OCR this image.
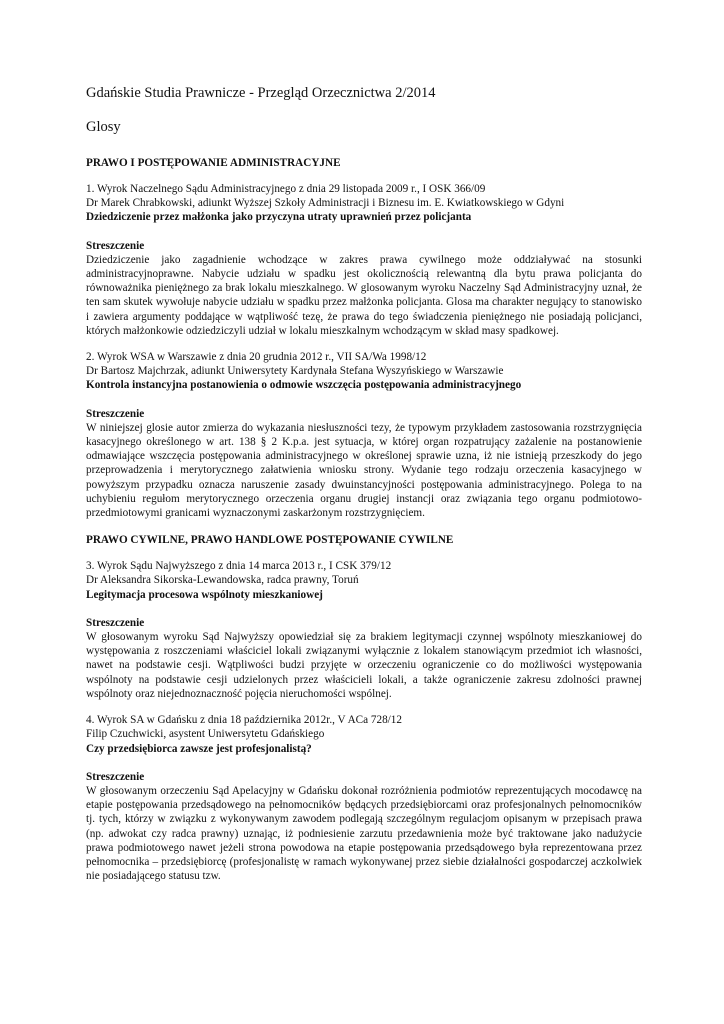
Gdańskie Studia Prawnicze - Przegląd Orzecznictwa 2/2014

Glosy

PRAWO I POSTĘPOWANIE ADMINISTRACYJNE

1. Wyrok Naczelnego Sądu Administracyjnego z dnia 29 listopada 2009 r., I OSK 366/09

Dr Marek Chrabkowski, adiunkt Wyższej Szkoły Administracji i Biznesu im. E. Kwiatkowskiego w Gdyni

Dziedziczenie przez małżonka jako przyczyna utraty uprawnień przez policjanta

Streszczenie

Dziedziczenie jako zagadnienie wchodzące w zakres prawa cywilnego może oddziaływać na stosunki administracyjnoprawne. Nabycie udziału w spadku jest okolicznością relewantną dla bytu prawa policjanta do równoważnika pieniężnego za brak lokalu mieszkalnego. W glosowanym wyroku Naczelny Sąd Administracyjny uznał, że ten sam skutek wywołuje nabycie udziału w spadku przez małżonka policjanta. Glosa ma charakter negujący to stanowisko i zawiera argumenty poddające w wątpliwość tezę, że prawa do tego świadczenia pieniężnego nie posiadają policjanci, których małżonkowie odziedziczyli udział w lokalu mieszkalnym wchodzącym w skład masy spadkowej.

2. Wyrok WSA w Warszawie z dnia 20 grudnia 2012 r., VII SA/Wa 1998/12

Dr Bartosz Majchrzak, adiunkt Uniwersytety Kardynała Stefana Wyszyńskiego w Warszawie

Kontrola instancyjna postanowienia o odmowie wszczęcia postępowania administracyjnego

Streszczenie

W niniejszej glosie autor zmierza do wykazania niesłuszności tezy, że typowym przykładem zastosowania rozstrzygnięcia kasacyjnego określonego w art. 138 § 2 K.p.a. jest sytuacja, w której organ rozpatrujący zażalenie na postanowienie odmawiające wszczęcia postępowania administracyjnego w określonej sprawie uzna, iż nie istnieją przeszkody do jego przeprowadzenia i merytorycznego załatwienia wniosku strony. Wydanie tego rodzaju orzeczenia kasacyjnego w powyższym przypadku oznacza naruszenie zasady dwuinstancyjności postępowania administracyjnego. Polega to na uchybieniu regułom merytorycznego orzeczenia organu drugiej instancji oraz związania tego organu podmiotowo-przedmiotowymi granicami wyznaczonymi zaskarżonym rozstrzygnięciem.

PRAWO CYWILNE, PRAWO HANDLOWE POSTĘPOWANIE CYWILNE

3. Wyrok Sądu Najwyższego z dnia 14 marca 2013 r., I CSK 379/12

Dr Aleksandra Sikorska-Lewandowska, radca prawny, Toruń

Legitymacja procesowa wspólnoty mieszkaniowej

Streszczenie

W głosowanym wyroku Sąd Najwyższy opowiedział się za brakiem legitymacji czynnej wspólnoty mieszkaniowej do występowania z roszczeniami właściciel lokali związanymi wyłącznie z lokalem stanowiącym przedmiot ich własności, nawet na podstawie cesji. Wątpliwości budzi przyjęte w orzeczeniu ograniczenie co do możliwości występowania wspólnoty na podstawie cesji udzielonych przez właścicieli lokali, a także ograniczenie zakresu zdolności prawnej wspólnoty oraz niejednoznaczność pojęcia nieruchomości wspólnej.

4. Wyrok SA w Gdańsku z dnia 18 października 2012r., V ACa 728/12

Filip Czuchwicki, asystent Uniwersytetu Gdańskiego

Czy przedsiębiorca zawsze jest profesjonalistą?

Streszczenie

W głosowanym orzeczeniu Sąd Apelacyjny w Gdańsku dokonał rozróżnienia podmiotów reprezentujących mocodawcę na etapie postępowania przedsądowego na pełnomocników będących przedsiębiorcami oraz profesjonalnych pełnomocników tj. tych, którzy w związku z wykonywanym zawodem podlegają szczególnym regulacjom opisanym w przepisach prawa (np. adwokat czy radca prawny) uznając, iż podniesienie zarzutu przedawnienia może być traktowane jako nadużycie prawa podmiotowego nawet jeżeli strona powodowa na etapie postępowania przedsądowego była reprezentowana przez pełnomocnika – przedsiębiorcę (profesjonalistę w ramach wykonywanej przez siebie działalności gospodarczej aczkolwiek nie posiadającego statusu tzw.
